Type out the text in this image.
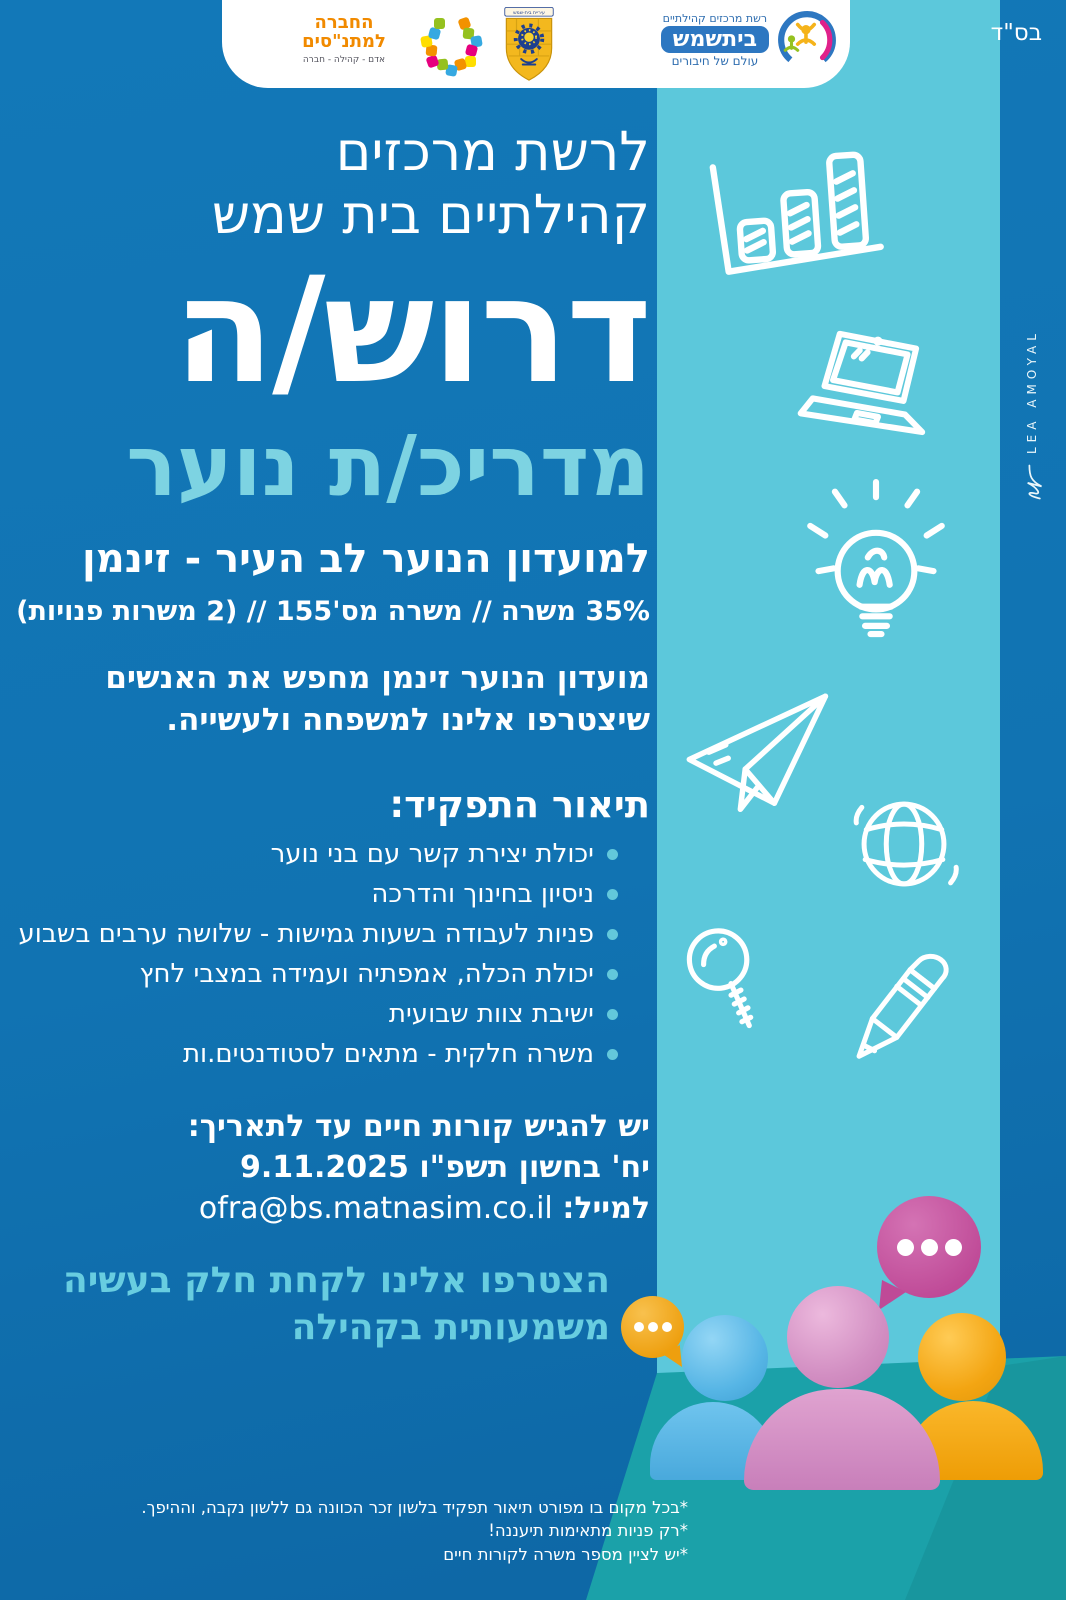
בס"ד
LEA AMOYAL
החברה
למתנ"סים
אדם - קהילה - חברה
עיריית בית-שמש	רשת מרכזים קהילתיים
ביתשמש
עולם של חיבורים
לרשת מרכזים
קהילתיים בית שמש
דרוש/ה
מדריכ/ת נוער
למועדון הנוער לב העיר - זינמן
35% משרה // משרה מס'155 // (2 משרות פנויות)
מועדון הנוער זינמן מחפש את האנשים
שיצטרפו אלינו למשפחה ולעשייה.
תיאור התפקיד:
יכולת יצירת קשר עם בני נוער
ניסיון בחינוך והדרכה
פניות לעבודה בשעות גמישות - שלושה ערבים בשבוע
יכולת הכלה, אמפתיה ועמידה במצבי לחץ
ישיבת צוות שבועית
משרה חלקית - מתאים לסטודנטים.ות
יש להגיש קורות חיים עד לתאריך:
יח' בחשון תשפ"ו 9.11.2025
למייל: ofra@bs.matnasim.co.il
הצטרפו אלינו לקחת חלק בעשיה
משמעותית בקהילה
*בכל מקום בו מפורט תיאור תפקיד בלשון זכר הכוונה גם ללשון נקבה, וההיפך.
*רק פניות מתאימות תיעננה!
*יש לציין מספר משרה לקורות חיים
